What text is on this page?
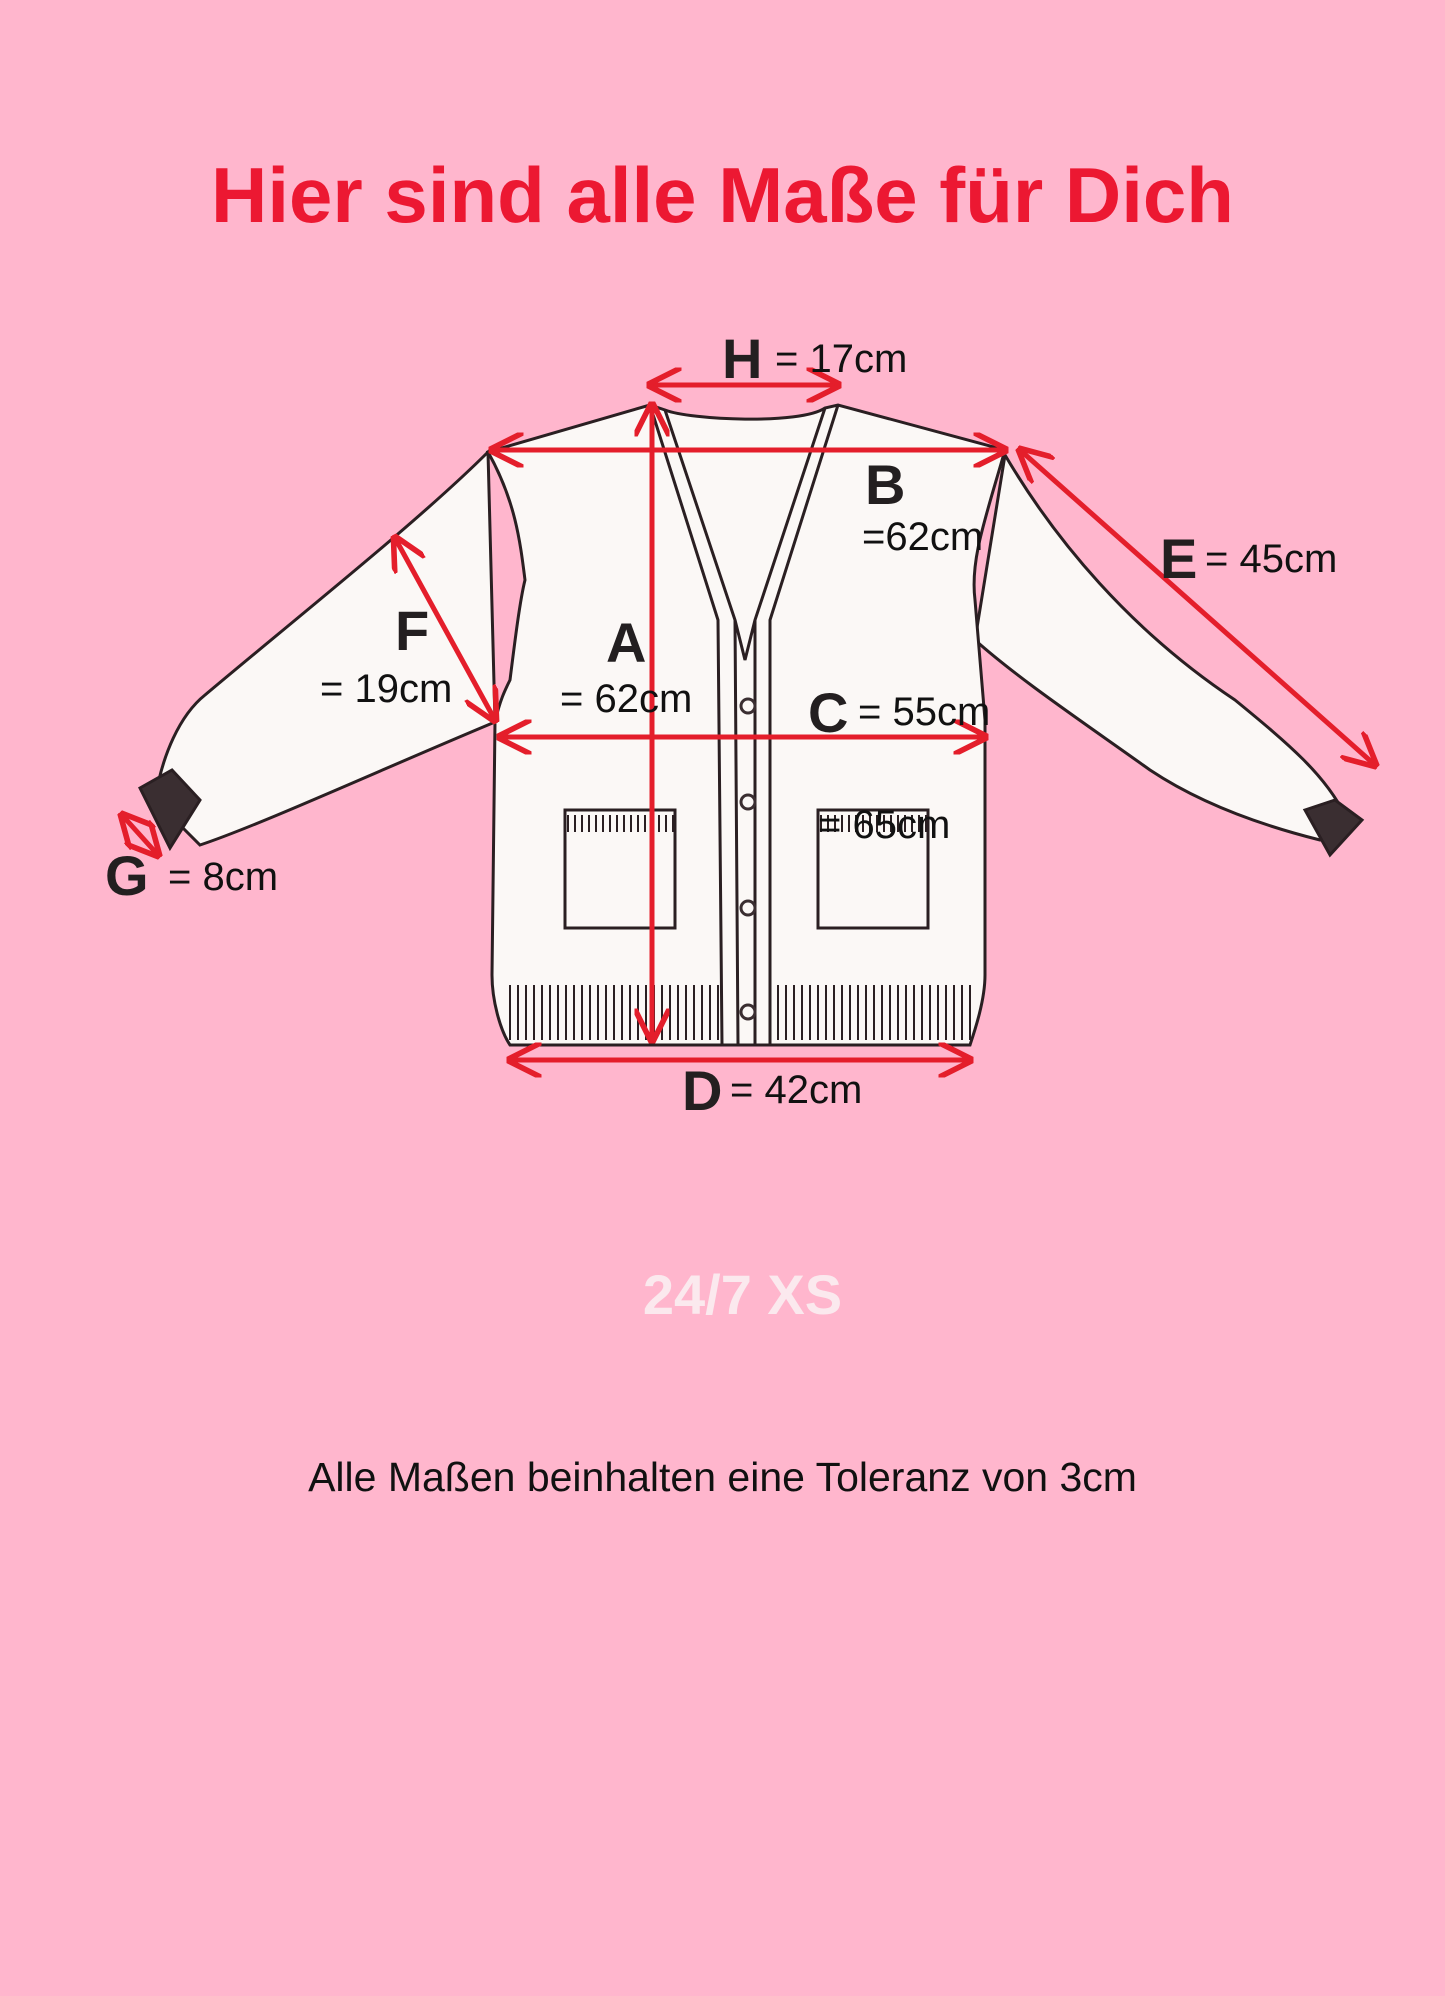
Hier sind alle Maße für Dich
= 65cm
H = 17cm
B
=62cm	E = 45cm
A
= 62cm
F
= 19cm	C = 55cm
G = 8cm
D = 42cm
24/7 XS
Alle Maßen beinhalten eine Toleranz von 3cm
